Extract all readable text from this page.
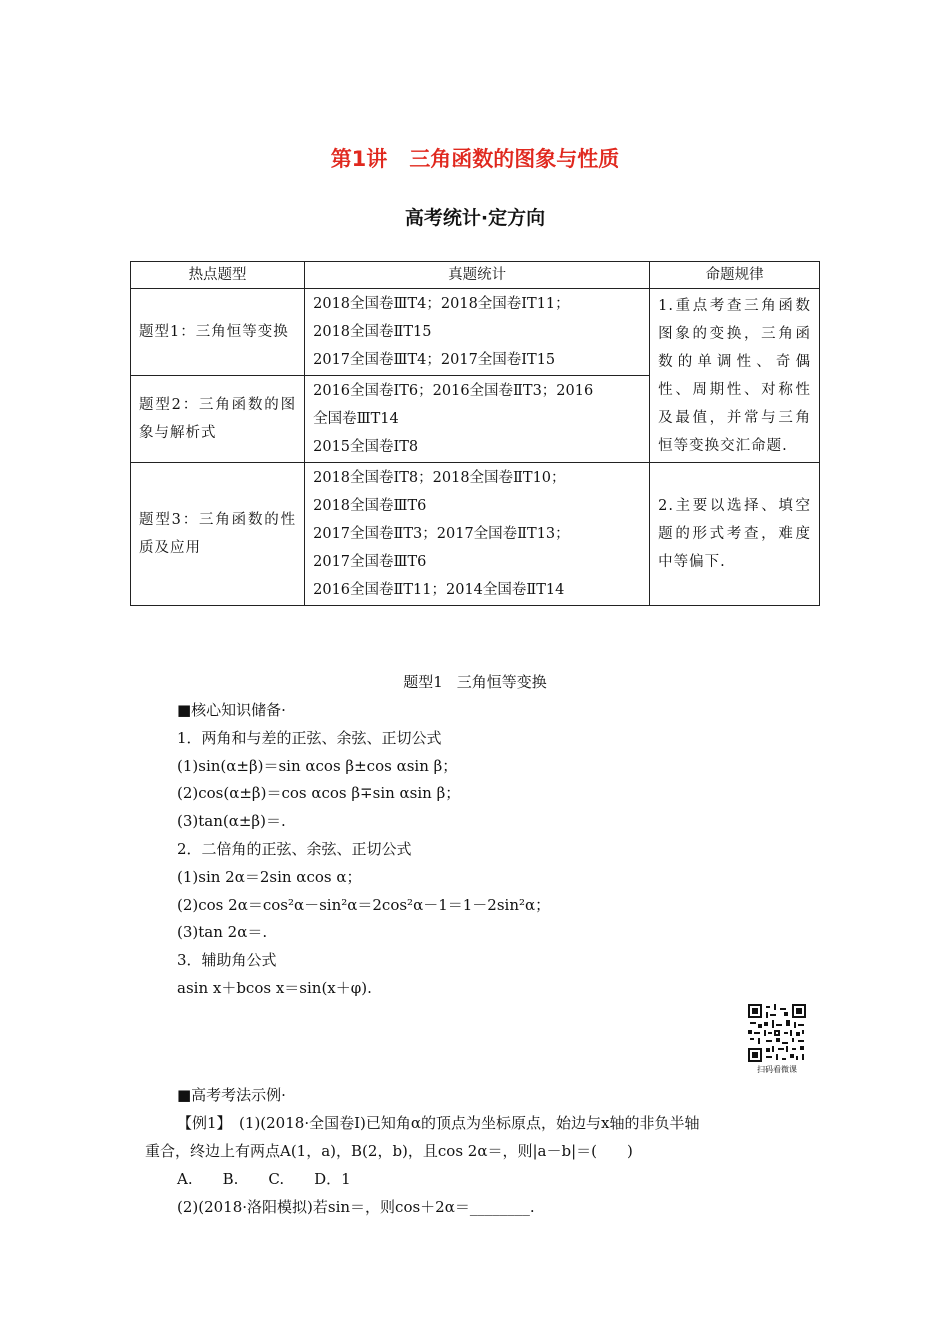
第1讲 三角函数的图象与性质
高考统计·定方向
热点题型	真题统计	命题规律
题型1：三角恒等变换	2018全国卷ⅢT4；2018全国卷ⅠT11；
2018全国卷ⅡT15
2017全国卷ⅢT4；2017全国卷ⅠT15	1.重点考查三角函数图象的变换，三角函数的单调性、奇偶性、周期性、对称性及最值，并常与三角恒等变换交汇命题.
题型2：三角函数的图象与解析式	2016全国卷ⅠT6；2016全国卷ⅡT3；2016
全国卷ⅢT14
2015全国卷ⅠT8	

题型3：三角函数的性质及应用	2018全国卷ⅠT8；2018全国卷ⅡT10；
2018全国卷ⅢT6
2017全国卷ⅡT3；2017全国卷ⅡT13；
2017全国卷ⅢT6
2016全国卷ⅡT11；2014全国卷ⅡT14	2.主要以选择、填空题的形式考查，难度中等偏下.
题型1 三角恒等变换
■核心知识储备·
1．两角和与差的正弦、余弦、正切公式
(1)sin(α±β)＝sin αcos β±cos αsin β；
(2)cos(α±β)＝cos αcos β∓sin αsin β；
(3)tan(α±β)＝.
2．二倍角的正弦、余弦、正切公式
(1)sin 2α＝2sin αcos α；
(2)cos 2α＝cos²α－sin²α＝2cos²α－1＝1－2sin²α；
(3)tan 2α＝.
3．辅助角公式
asin x＋bcos x＝sin(x＋φ).
扫码看微课
■高考考法示例·
【例1】　(1)(2018·全国卷Ⅰ)已知角α的顶点为坐标原点，始边与x轴的非负半轴
重合，终边上有两点A(1，a)，B(2，b)，且cos 2α＝，则|a－b|＝(　　)
A.　　B.　　C.　　D．1
(2)(2018·洛阳模拟)若sin＝，则cos＋2α＝________.
